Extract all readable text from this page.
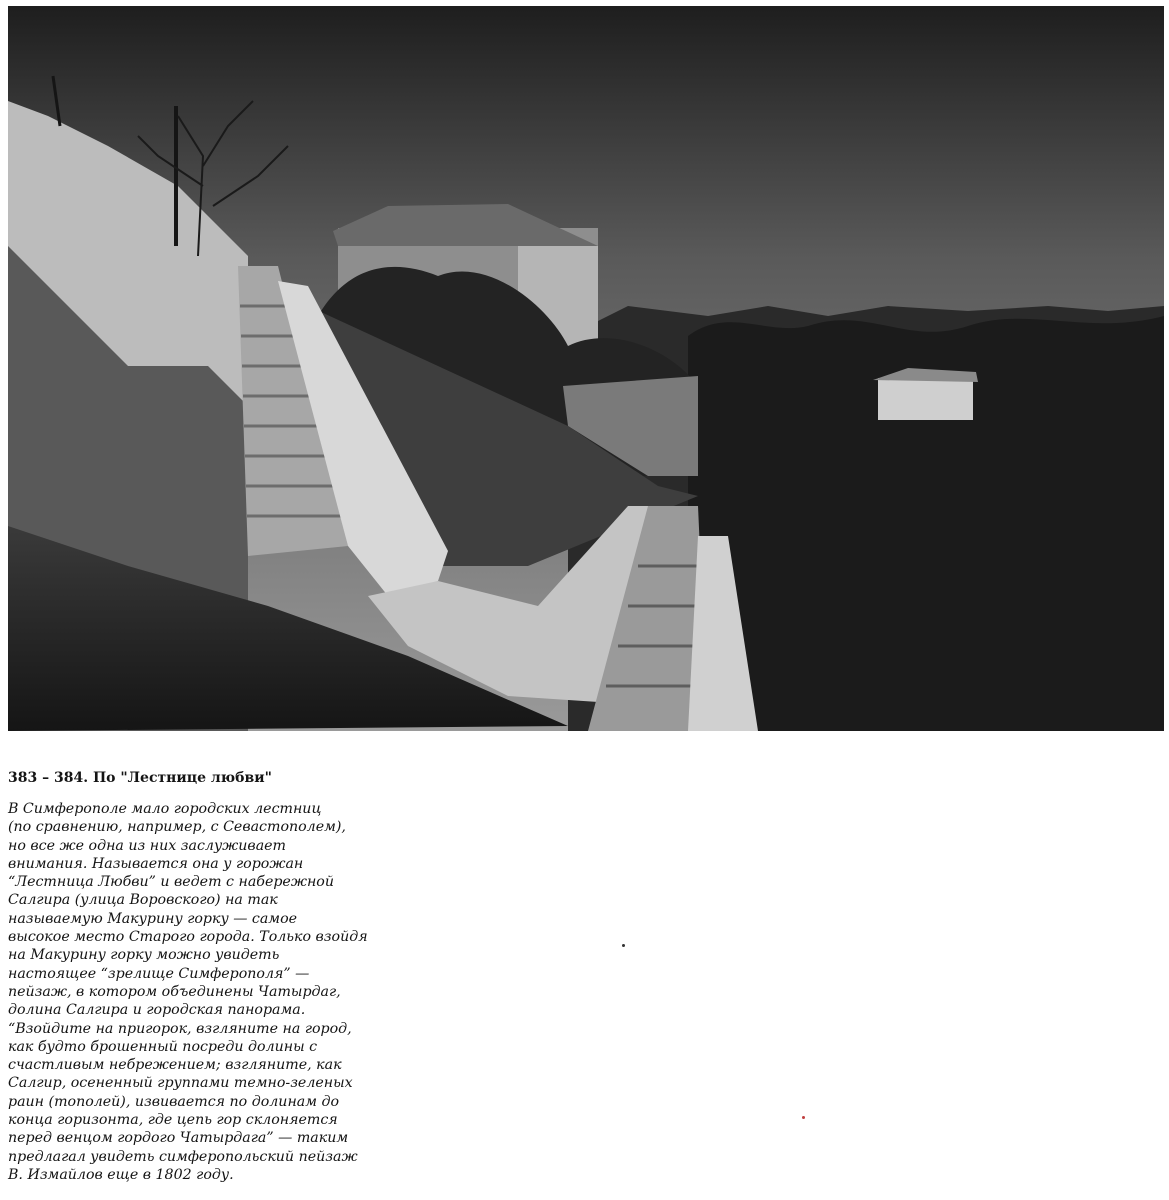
383 – 384. По "Лестнице любви"
В Симферополе мало городских лестниц
(по сравнению, например, с Севастополем),
но все же одна из них заслуживает
внимания. Называется она у горожан
“Лестница Любви” и ведет с набережной
Салгира (улица Воровского) на так
называемую Макурину горку — самое
высокое место Старого города. Только взойдя
на Макурину горку можно увидеть
настоящее “зрелище Симферополя” —
пейзаж, в котором объединены Чатырдаг,
долина Салгира и городская панорама.
“Взойдите на пригорок, взгляните на город,
как будто брошенный посреди долины с
счастливым небрежением; взгляните, как
Салгир, осененный группами темно-зеленых
раин (тополей), извивается по долинам до
конца горизонта, где цепь гор склоняется
перед венцом гордого Чатырдага” — таким
предлагал увидеть симферопольский пейзаж
В. Измайлов еще в 1802 году.
